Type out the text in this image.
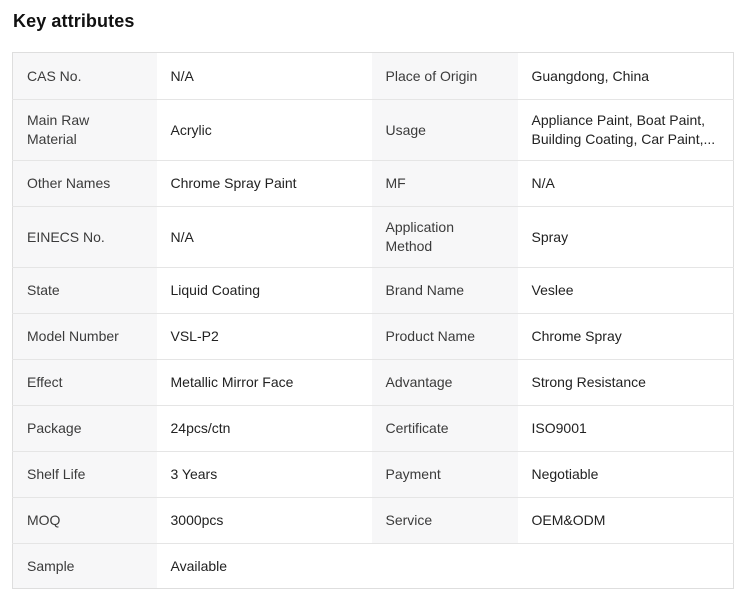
Key attributes
CAS No.	N/A	Place of Origin	Guangdong, China
Main Raw Material	Acrylic	Usage	Appliance Paint, Boat Paint, Building Coating, Car Paint,...
Other Names	Chrome Spray Paint	MF	N/A
EINECS No.	N/A	Application Method	Spray
State	Liquid Coating	Brand Name	Veslee
Model Number	VSL-P2	Product Name	Chrome Spray
Effect	Metallic Mirror Face	Advantage	Strong Resistance
Package	24pcs/ctn	Certificate	ISO9001
Shelf Life	3 Years	Payment	Negotiable
MOQ	3000pcs	Service	OEM&ODM
Sample	Available		
